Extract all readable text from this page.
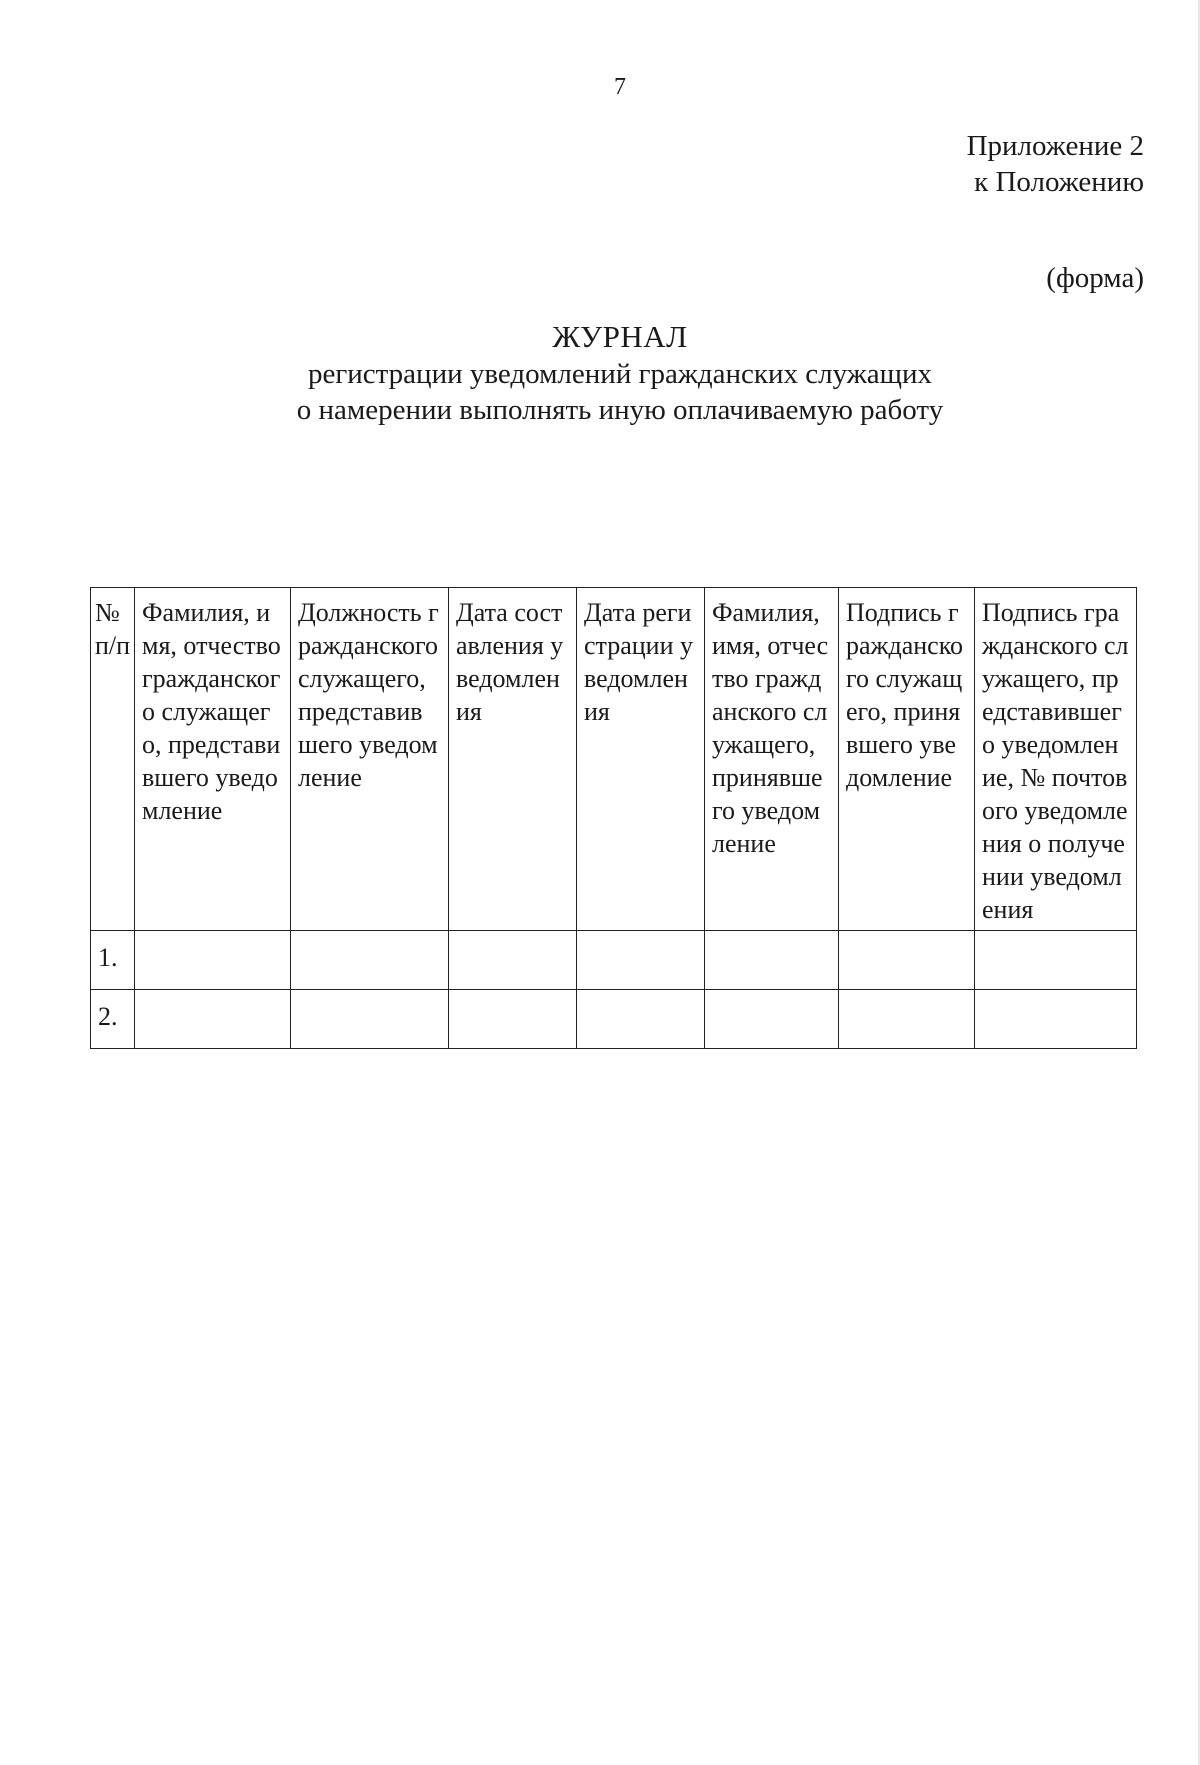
7
Приложение 2
к Положению
(форма)
ЖУРНАЛ
регистрации уведомлений гражданских служащих
о намерении выполнять иную оплачиваемую работу
№ п/п	Фамилия, имя, отчество гражданского служащего, представившего уведомление	Должность гражданского служащего, представившего уведомление	Дата составления уведомления	Дата регистрации уведомления	Фамилия, имя, отчество гражданского служащего, принявшего уведомление	Подпись гражданского служащего, принявшего уведомление	Подпись гражданского служащего, представившего уведомление, № почтового уведомления о получении уведомления
1.							
2.							
